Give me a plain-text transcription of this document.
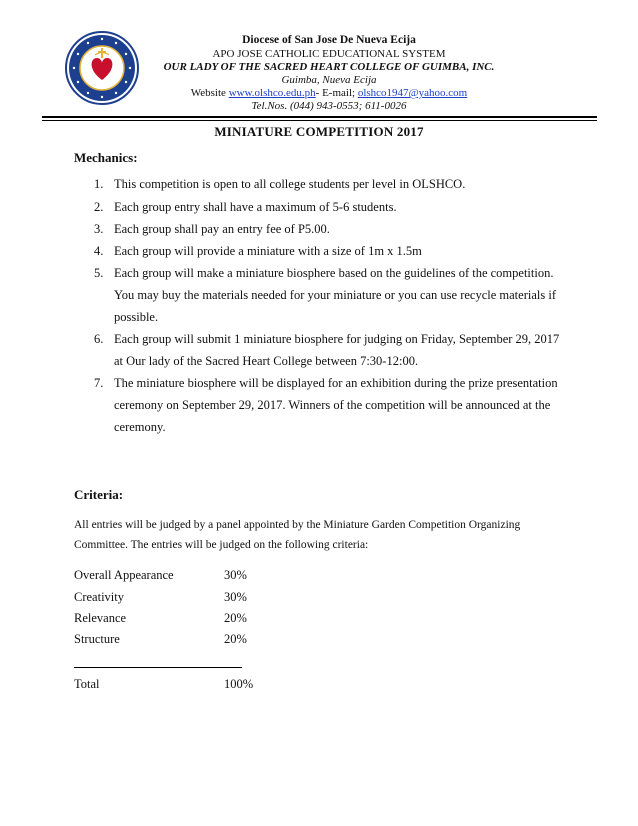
Diocese of San Jose De Nueva Ecija
APO JOSE CATHOLIC EDUCATIONAL SYSTEM
OUR LADY OF THE SACRED HEART COLLEGE OF GUIMBA, INC.
Guimba, Nueva Ecija
Website www.olshco.edu.ph- E-mail; olshco1947@yahoo.com
Tel.Nos. (044) 943-0553; 611-0026
MINIATURE COMPETITION 2017
Mechanics:
1. This competition is open to all college students per level in OLSHCO.
2. Each group entry shall have a maximum of 5-6 students.
3. Each group shall pay an entry fee of P5.00.
4. Each group will provide a miniature with a size of 1m x 1.5m
5. Each group will make a miniature biosphere based on the guidelines of the competition.
You may buy the materials needed for your miniature or you can use recycle materials if
possible.
6. Each group will submit 1 miniature biosphere for judging on Friday, September 29, 2017
at Our lady of the Sacred Heart College between 7:30-12:00.
7. The miniature biosphere will be displayed for an exhibition during the prize presentation
ceremony on September 29, 2017. Winners of the competition will be announced at the
ceremony.
Criteria:
All entries will be judged by a panel appointed by the Miniature Garden Competition Organizing
Committee. The entries will be judged on the following criteria:
Overall Appearance	30%
Creativity	30%
Relevance	20%
Structure	20%
Total	100%
